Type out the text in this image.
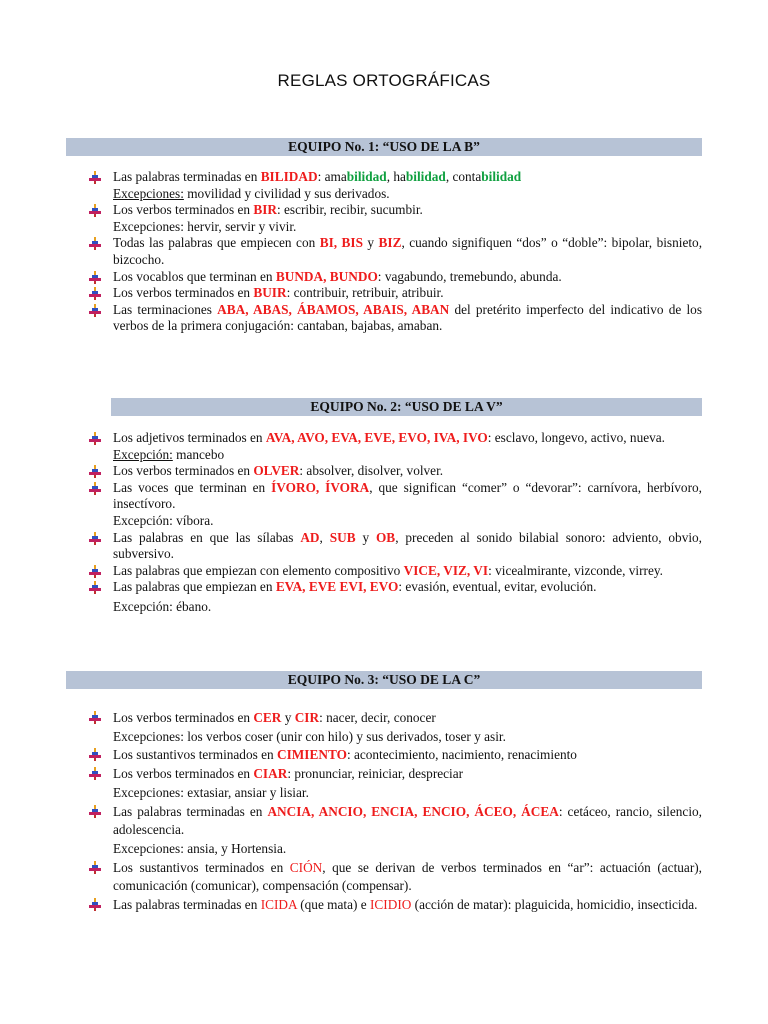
REGLAS ORTOGRÁFICAS
EQUIPO No. 1: “USO DE LA B”
Las palabras terminadas en BILIDAD: amabilidad, habilidad, contabilidad
Excepciones: movilidad y civilidad y sus derivados.
Los verbos terminados en BIR: escribir, recibir, sucumbir.
Excepciones: hervir, servir y vivir.
Todas las palabras que empiecen con BI, BIS y BIZ, cuando signifiquen “dos” o “doble”: bipolar, bisnieto, bizcocho.
Los vocablos que terminan en BUNDA, BUNDO: vagabundo, tremebundo, abunda.
Los verbos terminados en BUIR: contribuir, retribuir, atribuir.
Las terminaciones ABA, ABAS, ÁBAMOS, ABAIS, ABAN del pretérito imperfecto del indicativo de los verbos de la primera conjugación: cantaban, bajabas, amaban.
EQUIPO No. 2: “USO DE LA V”
Los adjetivos terminados en AVA, AVO, EVA, EVE, EVO, IVA, IVO: esclavo, longevo, activo, nueva.
Excepción: mancebo
Los verbos terminados en OLVER: absolver, disolver, volver.
Las voces que terminan en ÍVORO, ÍVORA, que significan “comer” o “devorar”: carnívora, herbívoro, insectívoro.
Excepción: víbora.
Las palabras en que las sílabas AD, SUB y OB, preceden al sonido bilabial sonoro: adviento, obvio, subversivo.
Las palabras que empiezan con elemento compositivo VICE, VIZ, VI: vicealmirante, vizconde, virrey.
Las palabras que empiezan en EVA, EVE EVI, EVO: evasión, eventual, evitar, evolución.
Excepción: ébano.
EQUIPO No. 3: “USO DE LA C”
Los verbos terminados en CER y CIR: nacer, decir, conocer
Excepciones: los verbos coser (unir con hilo) y sus derivados, toser y asir.
Los sustantivos terminados en CIMIENTO: acontecimiento, nacimiento, renacimiento
Los verbos terminados en CIAR: pronunciar, reiniciar, despreciar
Excepciones: extasiar, ansiar y lisiar.
Las palabras terminadas en ANCIA, ANCIO, ENCIA, ENCIO, ÁCEO, ÁCEA: cetáceo, rancio, silencio, adolescencia.
Excepciones: ansia, y Hortensia.
Los sustantivos terminados en CIÓN, que se derivan de verbos terminados en “ar”: actuación (actuar), comunicación (comunicar), compensación (compensar).
Las palabras terminadas en ICIDA (que mata) e ICIDIO (acción de matar): plaguicida, homicidio, insecticida.
